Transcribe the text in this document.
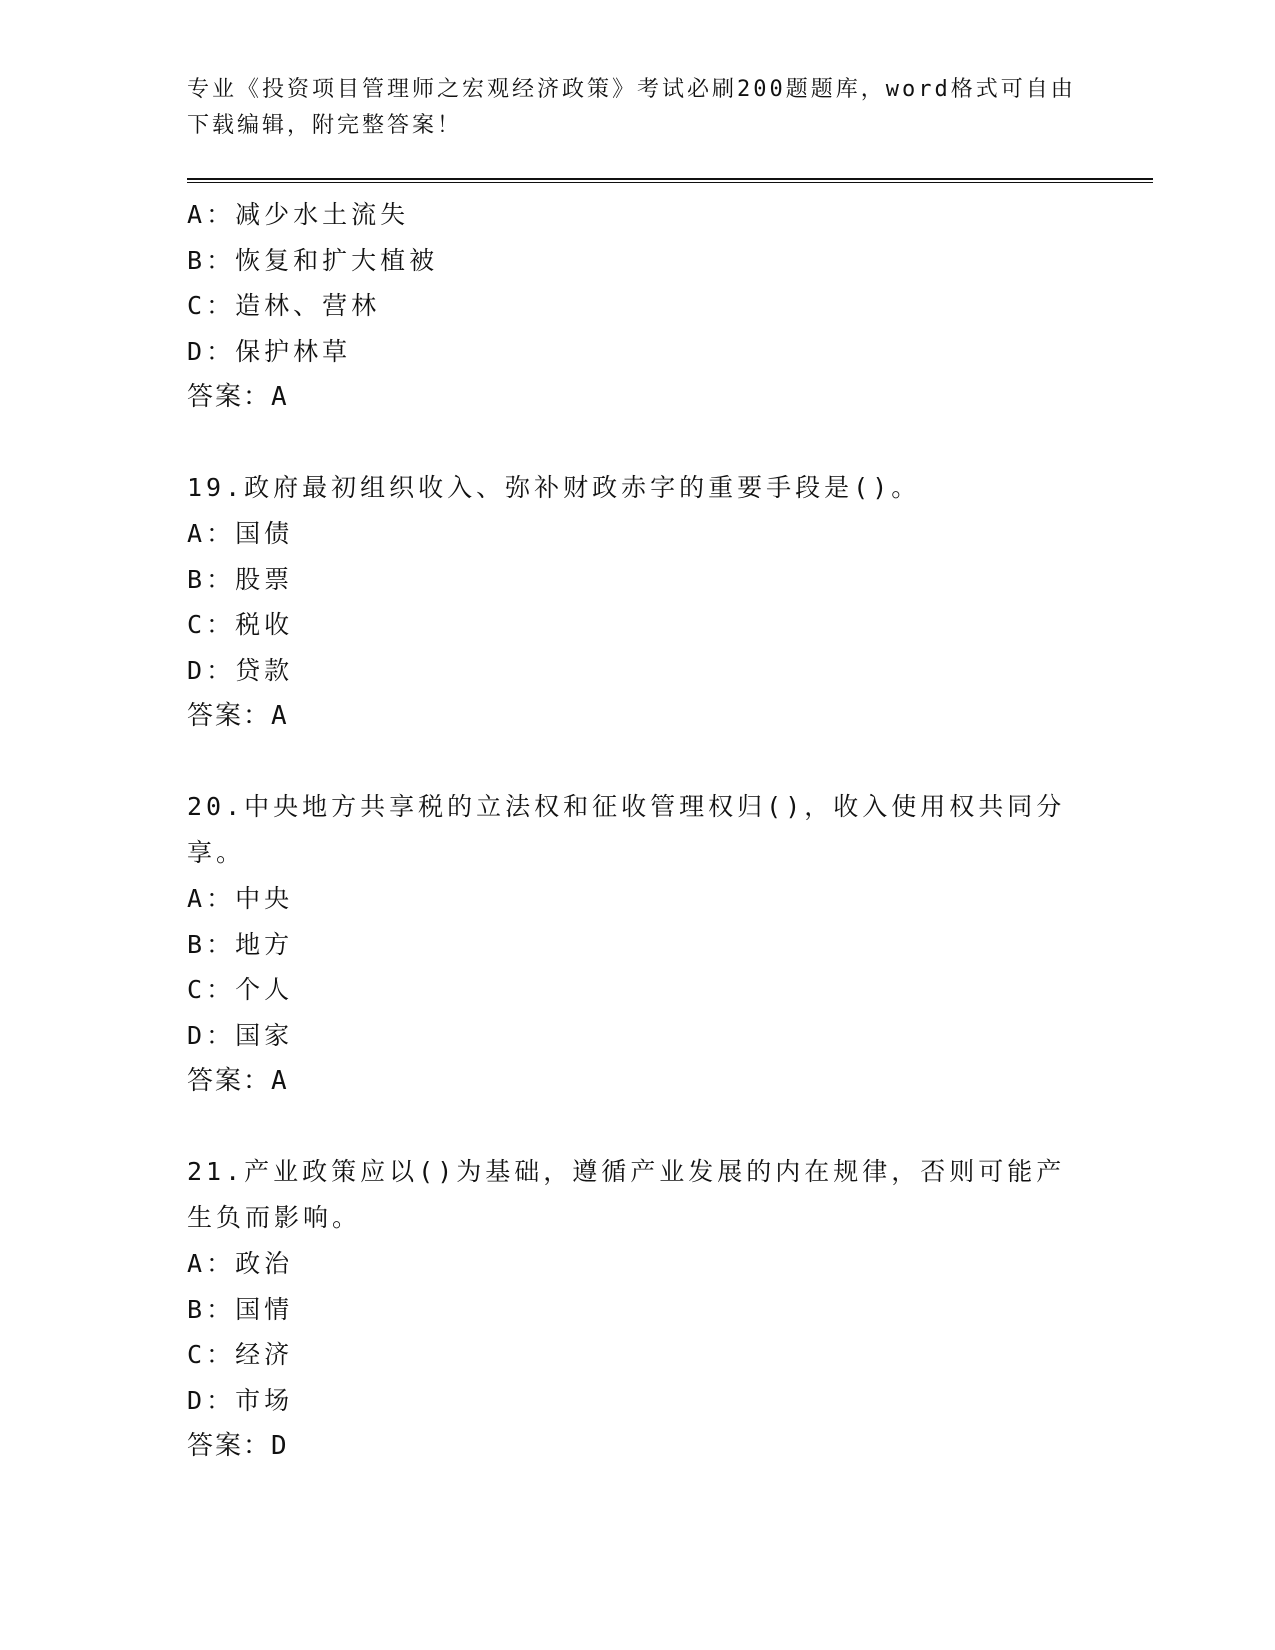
专业《投资项目管理师之宏观经济政策》考试必刷200题题库，word格式可自由下载编辑，附完整答案！
A：减少水土流失
B：恢复和扩大植被
C：造林、营林
D：保护林草
答案：A
19.政府最初组织收入、弥补财政赤字的重要手段是()。
A：国债
B：股票
C：税收
D：贷款
答案：A
20.中央地方共享税的立法权和征收管理权归()，收入使用权共同分享。
A：中央
B：地方
C：个人
D：国家
答案：A
21.产业政策应以()为基础，遵循产业发展的内在规律，否则可能产生负而影响。
A：政治
B：国情
C：经济
D：市场
答案：D
